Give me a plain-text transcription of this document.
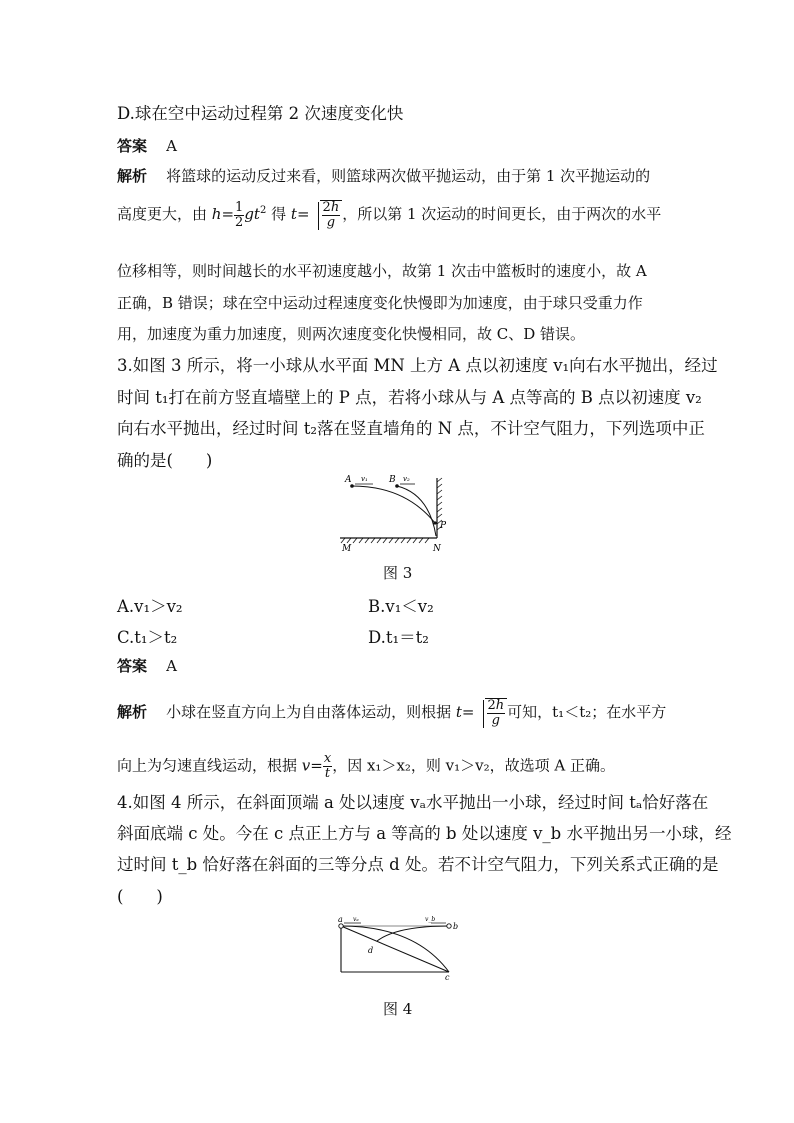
D.球在空中运动过程第 2 次速度变化快
答案 A
解析 将篮球的运动反过来看，则篮球两次做平抛运动，由于第 1 次平抛运动的
高度更大，由 $h= \frac{1}{2} gt^2$ 得 $t= \frac{2h}{g}$ ，所以第 1 次运动的时间更长，由于两次的水平
位移相等，则时间越长的水平初速度越小，故第 1 次击中篮板时的速度小，故 A
正确，B 错误；球在空中运动过程速度变化快慢即为加速度，由于球只受重力作
用，加速度为重力加速度，则两次速度变化快慢相同，故 C、D 错误。
3.如图 3 所示，将一小球从水平面 MN 上方 A 点以初速度 v₁向右水平抛出，经过
时间 t₁打在前方竖直墙壁上的 P 点，若将小球从与 A 点等高的 B 点以初速度 v₂
向右水平抛出，经过时间 t₂落在竖直墙角的 N 点，不计空气阻力，下列选项中正
确的是(　　)
A v₁ B v₂
P
M	N
图 3
A.v₁＞v₂	B.v₁＜v₂
C.t₁＞t₂	D.t₁＝t₂
答案 A
解析 小球在竖直方向上为自由落体运动，则根据 $t= \frac{2h}{g}$ 可知，t₁＜t₂；在水平方
向上为匀速直线运动，根据 $v= \frac{x}{t}$ ，因 x₁＞x₂，则 v₁＞v₂，故选项 A 正确。
4.如图 4 所示，在斜面顶端 a 处以速度 vₐ水平抛出一小球，经过时间 tₐ恰好落在
斜面底端 c 处。今在 c 点正上方与 a 等高的 b 处以速度 v_b 水平抛出另一小球，经
过时间 t_b 恰好落在斜面的三等分点 d 处。若不计空气阻力，下列关系式正确的是
(　　)
a vₐ	v_b
b
d
c
图 4
